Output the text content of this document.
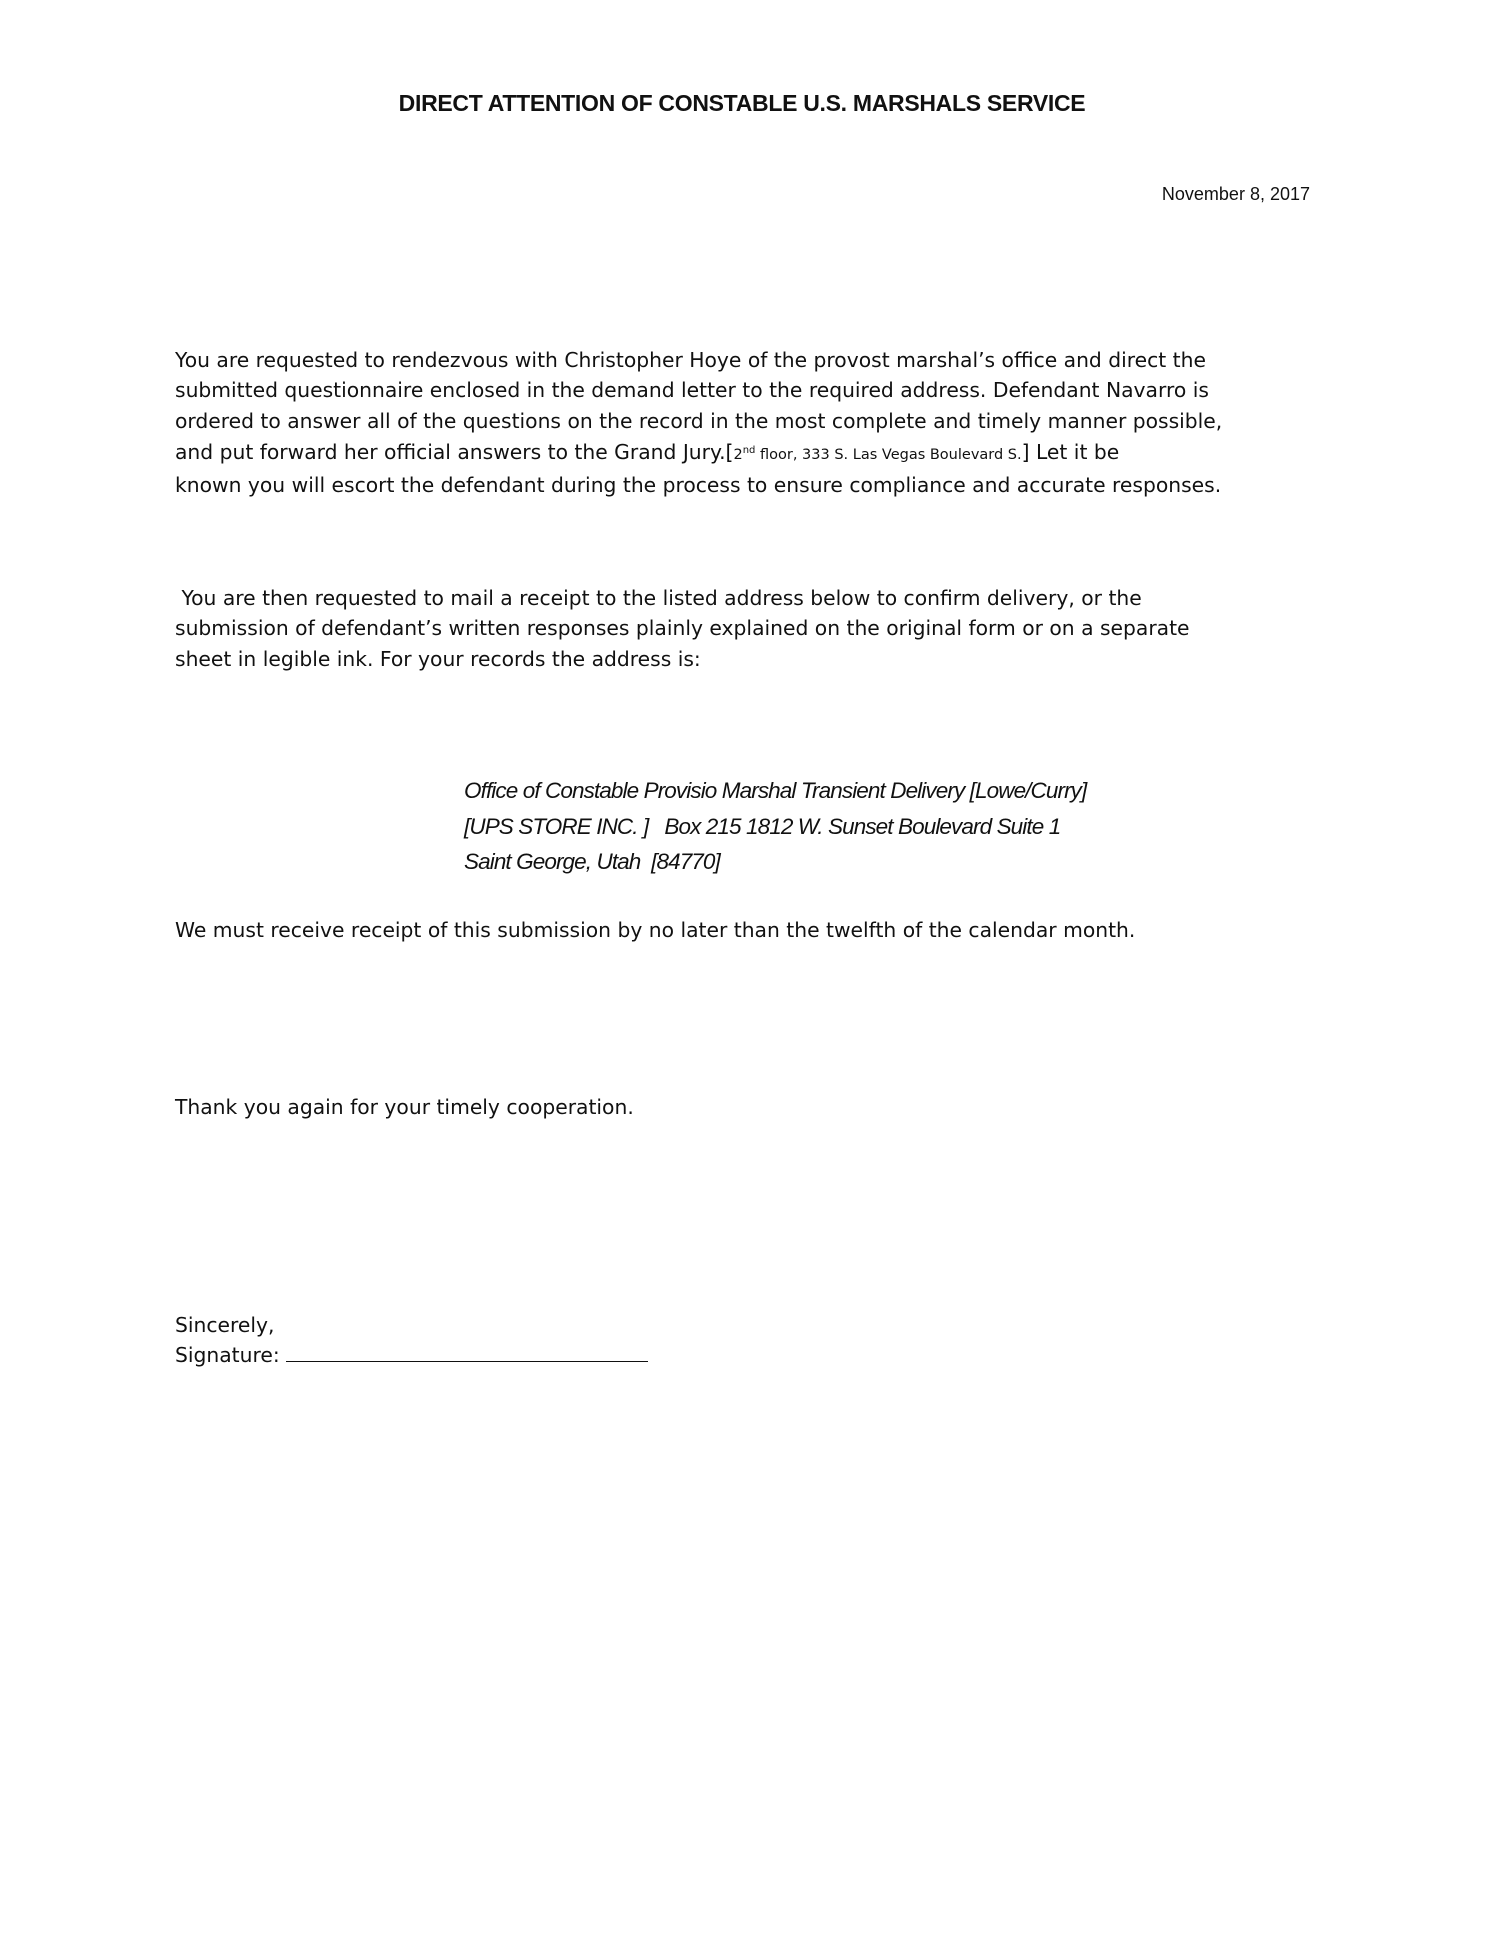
DIRECT ATTENTION OF CONSTABLE U.S. MARSHALS SERVICE
November 8, 2017

You are requested to rendezvous with Christopher Hoye of the provost marshal’s office and direct the

submitted questionnaire enclosed in the demand letter to the required address. Defendant Navarro is

ordered to answer all of the questions on the record in the most complete and timely manner possible,

and put forward her official answers to the Grand Jury.[2nd floor, 333 S. Las Vegas Boulevard S.] Let it be

known you will escort the defendant during the process to ensure compliance and accurate responses.

You are then requested to mail a receipt to the listed address below to confirm delivery, or the

submission of defendant’s written responses plainly explained on the original form or on a separate

sheet in legible ink. For your records the address is:

Office of Constable Provisio Marshal Transient Delivery [Lowe/Curry]

[UPS STORE INC. ]   Box 215 1812 W. Sunset Boulevard Suite 1

Saint George, Utah  [84770]

We must receive receipt of this submission by no later than the twelfth of the calendar month.

Thank you again for your timely cooperation.

Sincerely,

Signature:
